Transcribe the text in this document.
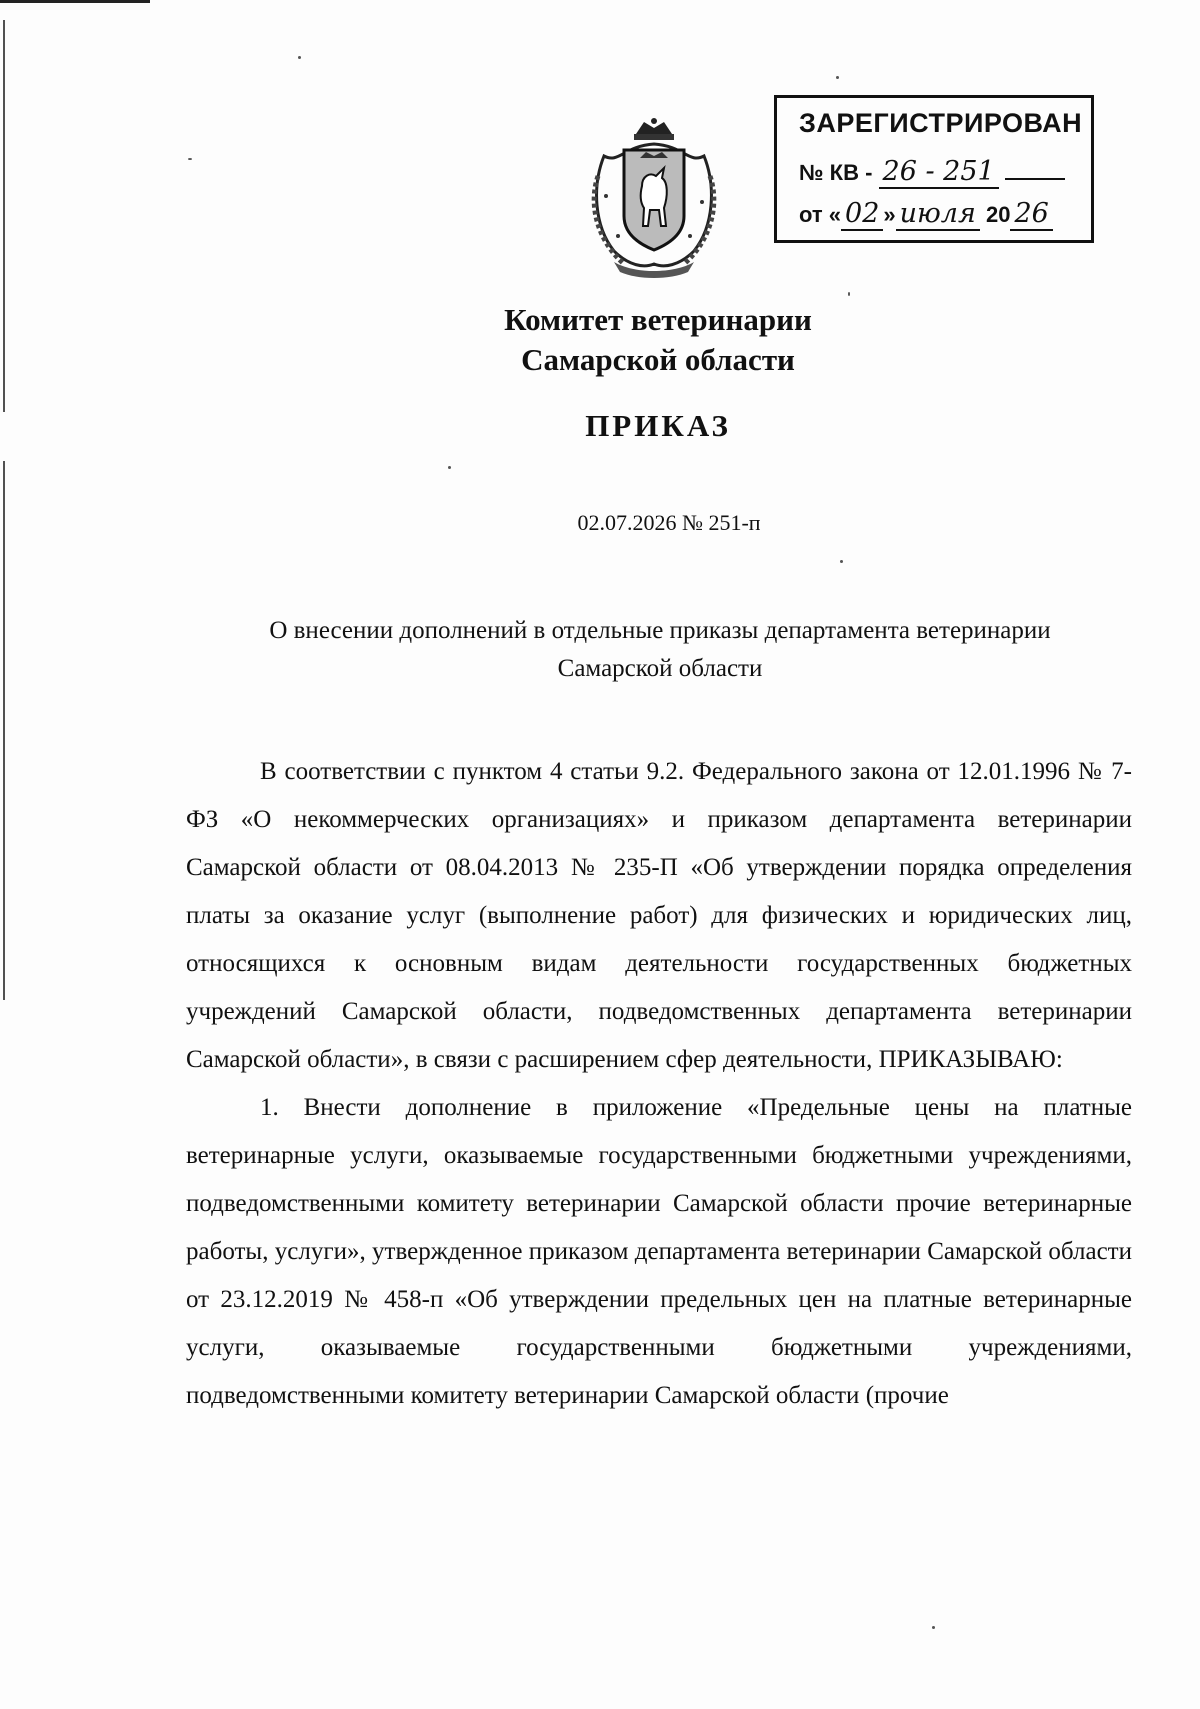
ЗАРЕГИСТРИРОВАН
№ КВ - 26 - 251
от « 02 » июля 20 26
Комитет ветеринарии
Самарской области
ПРИКАЗ
02.07.2026 № 251-п
О внесении дополнений в отдельные приказы департамента ветеринарии
Самарской области

В соответствии с пунктом 4 статьи 9.2. Федерального закона от 12.01.1996 № 7-ФЗ «О некоммерческих организациях» и приказом департамента ветеринарии Самарской области от 08.04.2013 № 235-П «Об утверждении порядка определения платы за оказание услуг (выполнение работ) для физических и юридических лиц, относящихся к основным видам деятельности государственных бюджетных учреждений Самарской области, подведомственных департамента ветеринарии Самарской области», в связи с расширением сфер деятельности, ПРИКАЗЫВАЮ:

1. Внести дополнение в приложение «Предельные цены на платные ветеринарные услуги, оказываемые государственными бюджетными учреждениями, подведомственными комитету ветеринарии Самарской области прочие ветеринарные работы, услуги», утвержденное приказом департамента ветеринарии Самарской области от 23.12.2019 № 458-п «Об утверждении предельных цен на платные ветеринарные услуги, оказываемые государственными бюджетными учреждениями, подведомственными комитету ветеринарии Самарской области (прочие
